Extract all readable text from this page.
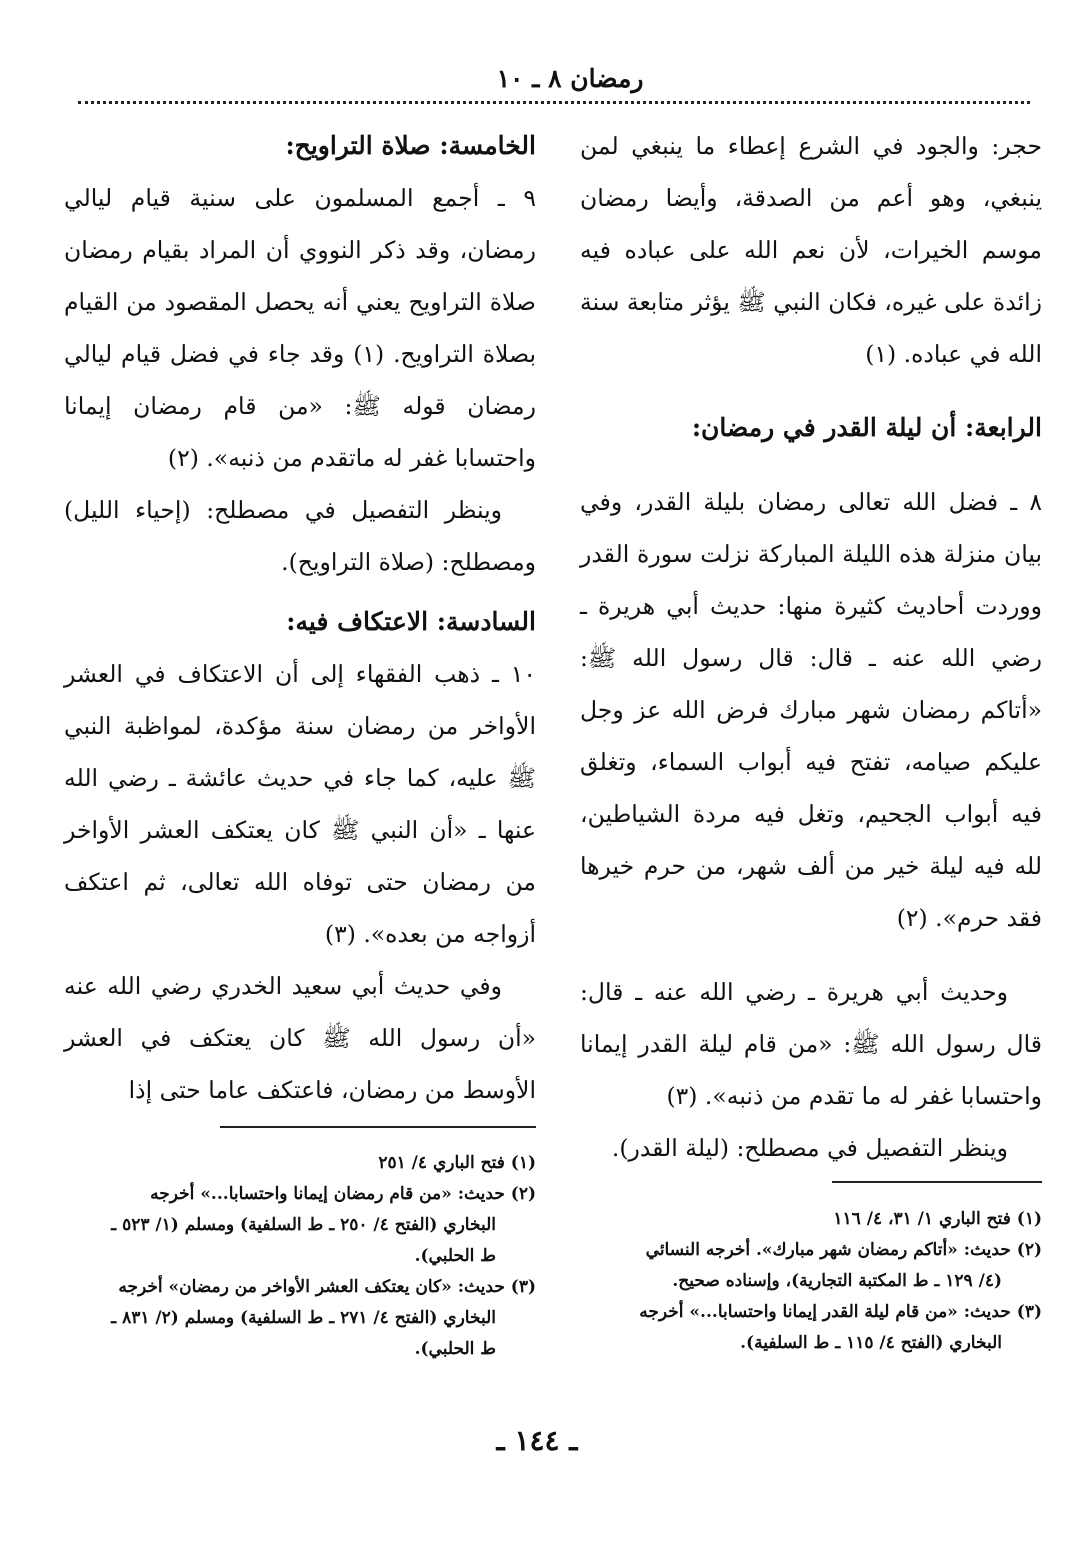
رمضان ٨ ـ ١٠

حجر: والجود في الشرع إعطاء ما ينبغي لمن ينبغي، وهو أعم من الصدقة، وأيضا رمضان موسم الخيرات، لأن نعم الله على عباده فيه زائدة على غيره، فكان النبي ﷺ يؤثر متابعة سنة الله في عباده. (١)

الرابعة: أن ليلة القدر في رمضان:

٨ ـ فضل الله تعالى رمضان بليلة القدر، وفي بيان منزلة هذه الليلة المباركة نزلت سورة القدر ووردت أحاديث كثيرة منها: حديث أبي هريرة ـ رضي الله عنه ـ قال: قال رسول الله ﷺ: «أتاكم رمضان شهر مبارك فرض الله عز وجل عليكم صيامه، تفتح فيه أبواب السماء، وتغلق فيه أبواب الجحيم، وتغل فيه مردة الشياطين، لله فيه ليلة خير من ألف شهر، من حرم خيرها فقد حرم». (٢)

وحديث أبي هريرة ـ رضي الله عنه ـ قال: قال رسول الله ﷺ: «من قام ليلة القدر إيمانا واحتسابا غفر له ما تقدم من ذنبه». (٣)

وينظر التفصيل في مصطلح: (ليلة القدر).

الخامسة: صلاة التراويح:

٩ ـ أجمع المسلمون على سنية قيام ليالي رمضان، وقد ذكر النووي أن المراد بقيام رمضان صلاة التراويح يعني أنه يحصل المقصود من القيام بصلاة التراويح. (١) وقد جاء في فضل قيام ليالي رمضان قوله ﷺ: «من قام رمضان إيمانا واحتسابا غفر له ماتقدم من ذنبه». (٢)

وينظر التفصيل في مصطلح: (إحياء الليل) ومصطلح: (صلاة التراويح).

السادسة: الاعتكاف فيه:

١٠ ـ ذهب الفقهاء إلى أن الاعتكاف في العشر الأواخر من رمضان سنة مؤكدة، لمواظبة النبي ﷺ عليه، كما جاء في حديث عائشة ـ رضي الله عنها ـ «أن النبي ﷺ كان يعتكف العشر الأواخر من رمضان حتى توفاه الله تعالى، ثم اعتكف أزواجه من بعده». (٣)

وفي حديث أبي سعيد الخدري رضي الله عنه «أن رسول الله ﷺ كان يعتكف في العشر الأوسط من رمضان، فاعتكف عاما حتى إذا

(١) فتح الباري ١/ ٣١، ٤/ ١١٦

(٢) حديث: «أتاكم رمضان شهر مبارك». أخرجه النسائي

(٤/ ١٢٩ ـ ط المكتبة التجارية)، وإسناده صحيح.

(٣) حديث: «من قام ليلة القدر إيمانا واحتسابا...» أخرجه

البخاري (الفتح ٤/ ١١٥ ـ ط السلفية).

(١) فتح الباري ٤/ ٢٥١

(٢) حديث: «من قام رمضان إيمانا واحتسابا...» أخرجه

البخاري (الفتح ٤/ ٢٥٠ ـ ط السلفية) ومسلم (١/ ٥٢٣ ـ

ط الحلبي).

(٣) حديث: «كان يعتكف العشر الأواخر من رمضان» أخرجه

البخاري (الفتح ٤/ ٢٧١ ـ ط السلفية) ومسلم (٢/ ٨٣١ ـ

ط الحلبي).

ـ ١٤٤ ـ
